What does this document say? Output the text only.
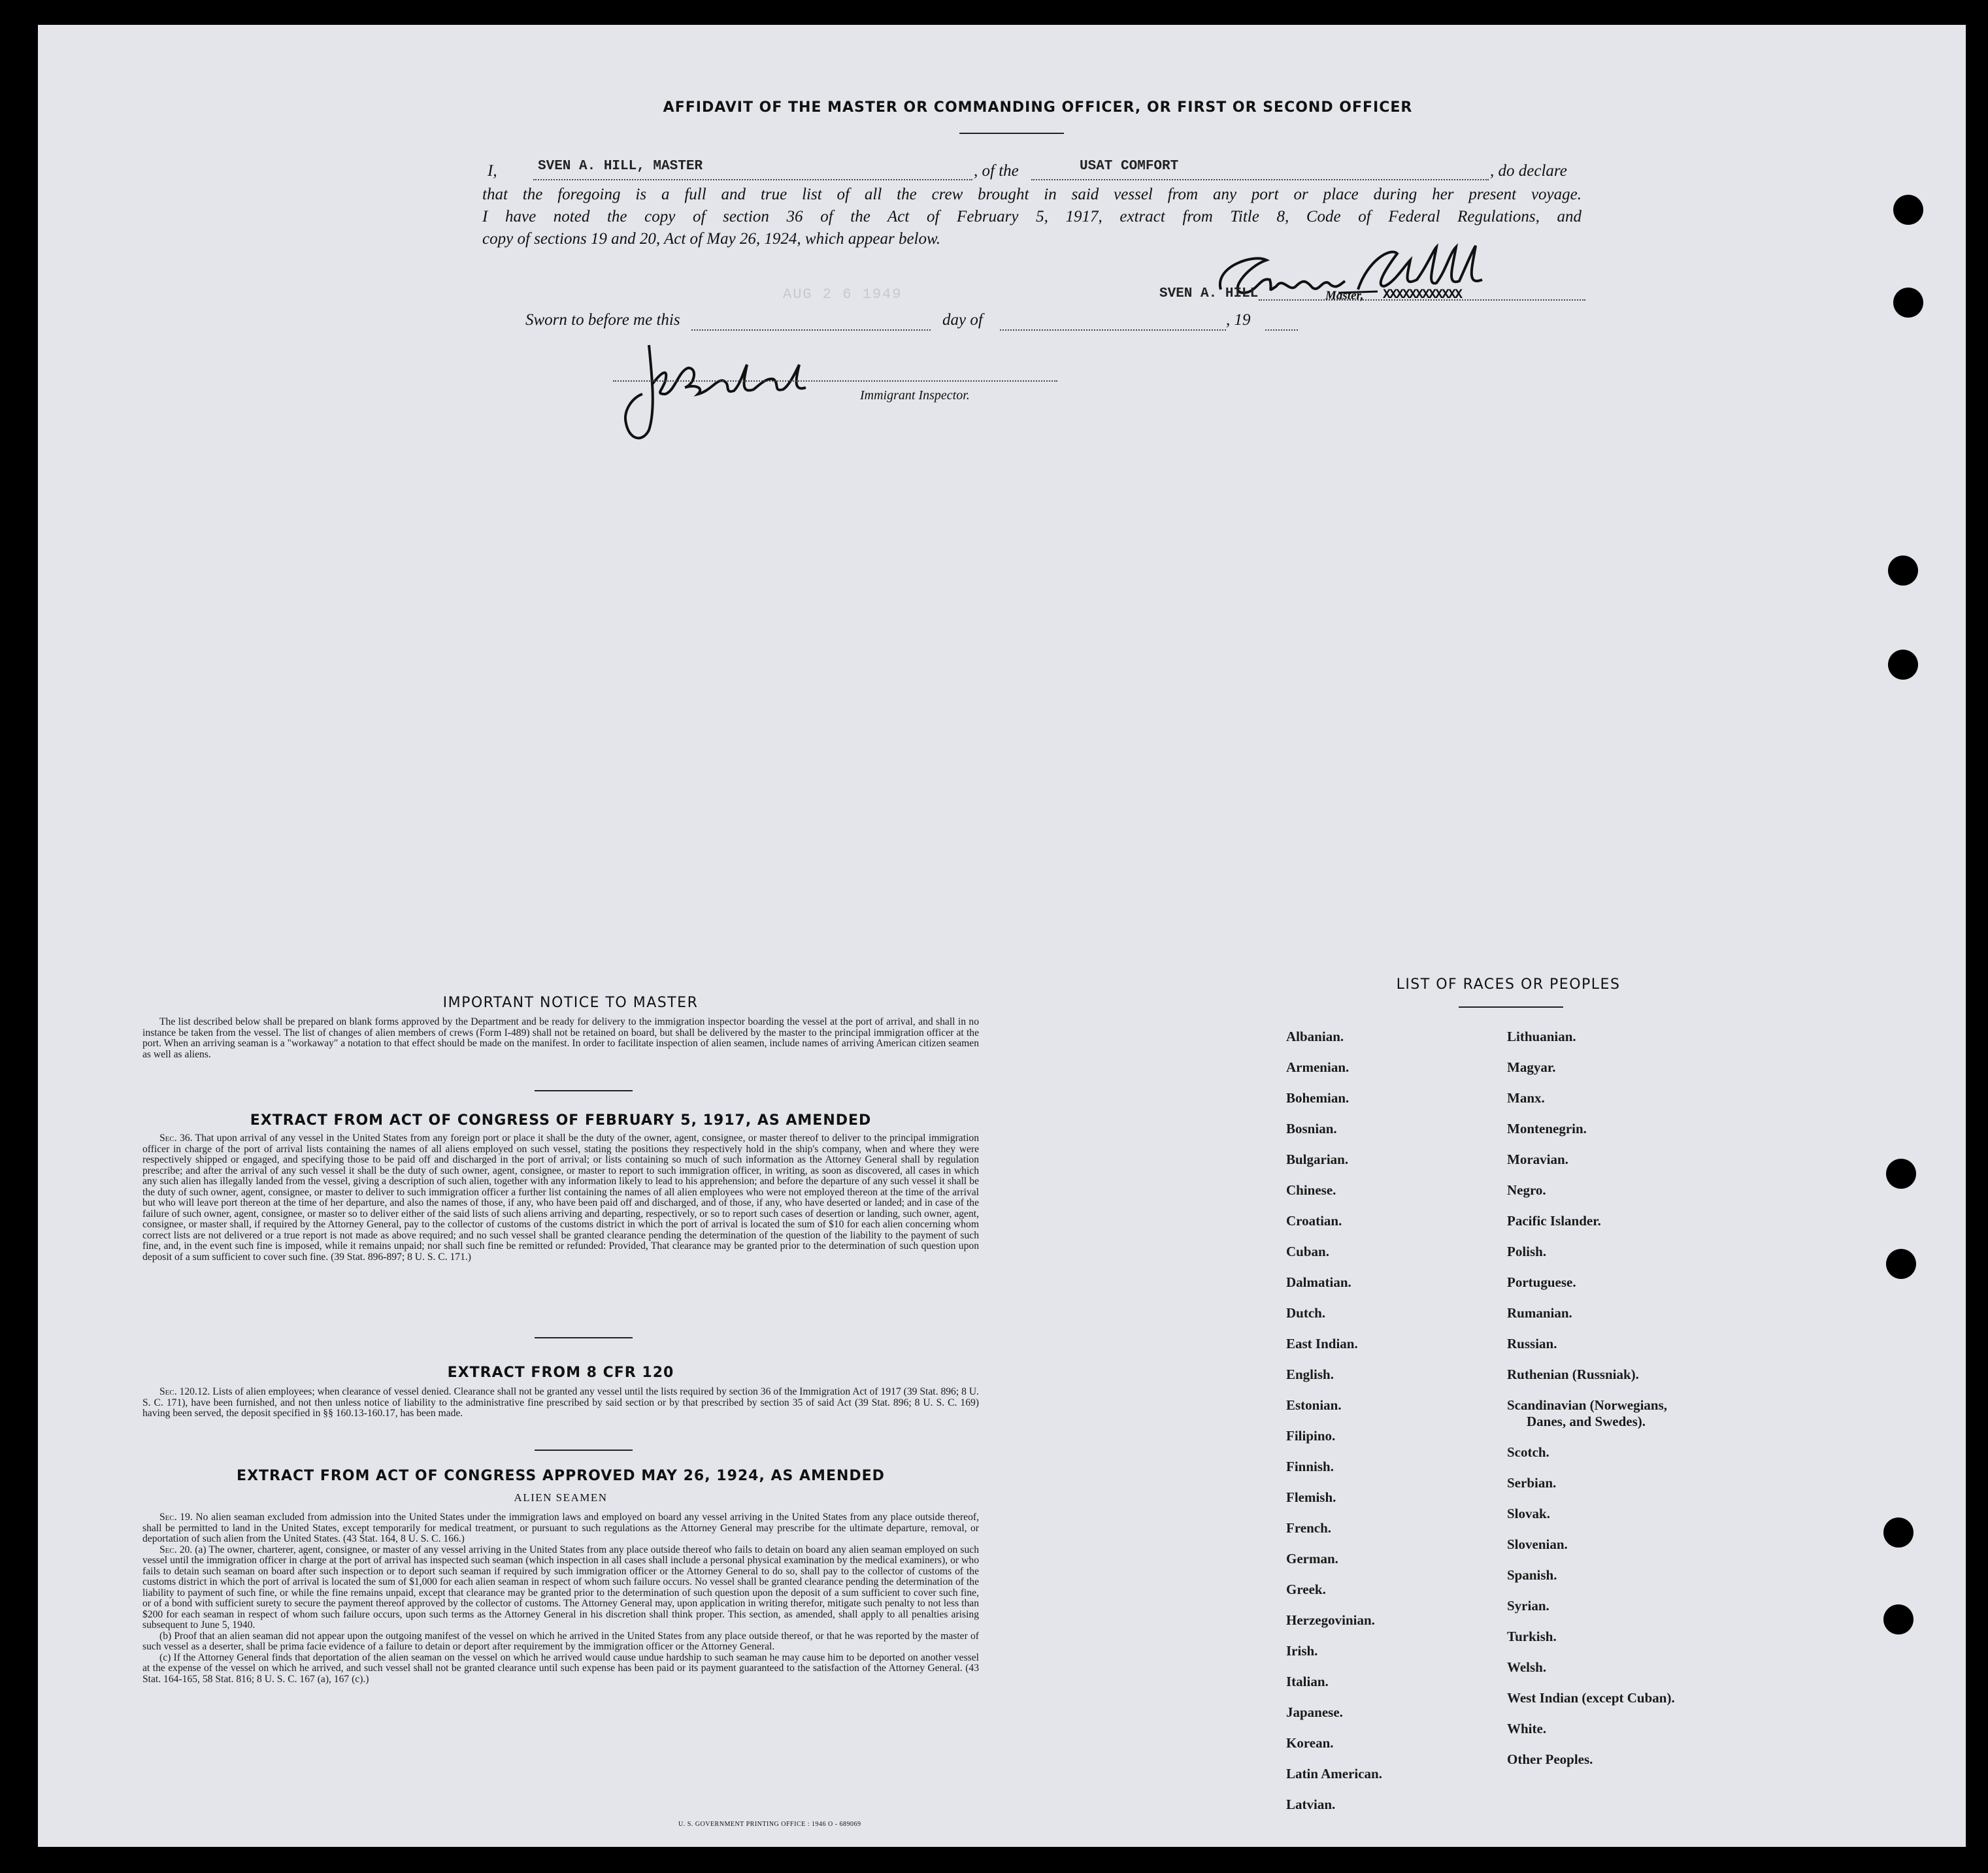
AFFIDAVIT OF THE MASTER OR COMMANDING OFFICER, OR FIRST OR SECOND OFFICER
I,	SVEN A. HILL, MASTER	, of the	USAT COMFORT	, do declare
that the foregoing is a full and true list of all the crew brought in said vessel from any port or place during her present voyage.
I have noted the copy of section 36 of the Act of February 5, 1917, extract from Title 8, Code of Federal Regulations, and
copy of sections 19 and 20, Act of May 26, 1924, which appear below.
AUG 2 6 1949	SVEN A. HILL	Master, XXXXXXXXXXXX
Sworn to before me this	day of	, 19
Immigrant Inspector.
IMPORTANT NOTICE TO MASTER

The list described below shall be prepared on blank forms approved by the Department and be ready for delivery to the immigration inspector boarding the vessel at the port of arrival, and shall in no instance be taken from the vessel. The list of changes of alien members of crews (Form I-489) shall not be retained on board, but shall be delivered by the master to the principal immigration officer at the port. When an arriving seaman is a "workaway" a notation to that effect should be made on the manifest. In order to facilitate inspection of alien seamen, include names of arriving American citizen seamen as well as aliens.

EXTRACT FROM ACT OF CONGRESS OF FEBRUARY 5, 1917, AS AMENDED

Sec. 36. That upon arrival of any vessel in the United States from any foreign port or place it shall be the duty of the owner, agent, consignee, or master thereof to deliver to the principal immigration officer in charge of the port of arrival lists containing the names of all aliens employed on such vessel, stating the positions they respectively hold in the ship's company, when and where they were respectively shipped or engaged, and specifying those to be paid off and discharged in the port of arrival; or lists containing so much of such information as the Attorney General shall by regulation prescribe; and after the arrival of any such vessel it shall be the duty of such owner, agent, consignee, or master to report to such immigration officer, in writing, as soon as discovered, all cases in which any such alien has illegally landed from the vessel, giving a description of such alien, together with any information likely to lead to his apprehension; and before the departure of any such vessel it shall be the duty of such owner, agent, consignee, or master to deliver to such immigration officer a further list containing the names of all alien employees who were not employed thereon at the time of the arrival but who will leave port thereon at the time of her departure, and also the names of those, if any, who have been paid off and discharged, and of those, if any, who have deserted or landed; and in case of the failure of such owner, agent, consignee, or master so to deliver either of the said lists of such aliens arriving and departing, respectively, or so to report such cases of desertion or landing, such owner, agent, consignee, or master shall, if required by the Attorney General, pay to the collector of customs of the customs district in which the port of arrival is located the sum of $10 for each alien concerning whom correct lists are not delivered or a true report is not made as above required; and no such vessel shall be granted clearance pending the determination of the question of the liability to the payment of such fine, and, in the event such fine is imposed, while it remains unpaid; nor shall such fine be remitted or refunded: Provided, That clearance may be granted prior to the determination of such question upon deposit of a sum sufficient to cover such fine. (39 Stat. 896-897; 8 U. S. C. 171.)

EXTRACT FROM 8 CFR 120

Sec. 120.12. Lists of alien employees; when clearance of vessel denied. Clearance shall not be granted any vessel until the lists required by section 36 of the Immigration Act of 1917 (39 Stat. 896; 8 U. S. C. 171), have been furnished, and not then unless notice of liability to the administrative fine prescribed by said section or by that prescribed by section 35 of said Act (39 Stat. 896; 8 U. S. C. 169) having been served, the deposit specified in §§ 160.13-160.17, has been made.

EXTRACT FROM ACT OF CONGRESS APPROVED MAY 26, 1924, AS AMENDED
ALIEN SEAMEN

Sec. 19. No alien seaman excluded from admission into the United States under the immigration laws and employed on board any vessel arriving in the United States from any place outside thereof, shall be permitted to land in the United States, except temporarily for medical treatment, or pursuant to such regulations as the Attorney General may prescribe for the ultimate departure, removal, or deportation of such alien from the United States. (43 Stat. 164, 8 U. S. C. 166.)

Sec. 20. (a) The owner, charterer, agent, consignee, or master of any vessel arriving in the United States from any place outside thereof who fails to detain on board any alien seaman employed on such vessel until the immigration officer in charge at the port of arrival has inspected such seaman (which inspection in all cases shall include a personal physical examination by the medical examiners), or who fails to detain such seaman on board after such inspection or to deport such seaman if required by such immigration officer or the Attorney General to do so, shall pay to the collector of customs of the customs district in which the port of arrival is located the sum of $1,000 for each alien seaman in respect of whom such failure occurs. No vessel shall be granted clearance pending the determination of the liability to payment of such fine, or while the fine remains unpaid, except that clearance may be granted prior to the determination of such question upon the deposit of a sum sufficient to cover such fine, or of a bond with sufficient surety to secure the payment thereof approved by the collector of customs. The Attorney General may, upon application in writing therefor, mitigate such penalty to not less than $200 for each seaman in respect of whom such failure occurs, upon such terms as the Attorney General in his discretion shall think proper. This section, as amended, shall apply to all penalties arising subsequent to June 5, 1940.

(b) Proof that an alien seaman did not appear upon the outgoing manifest of the vessel on which he arrived in the United States from any place outside thereof, or that he was reported by the master of such vessel as a deserter, shall be prima facie evidence of a failure to detain or deport after requirement by the immigration officer or the Attorney General.

(c) If the Attorney General finds that deportation of the alien seaman on the vessel on which he arrived would cause undue hardship to such seaman he may cause him to be deported on another vessel at the expense of the vessel on which he arrived, and such vessel shall not be granted clearance until such expense has been paid or its payment guaranteed to the satisfaction of the Attorney General. (43 Stat. 164-165, 58 Stat. 816; 8 U. S. C. 167 (a), 167 (c).)

U. S. GOVERNMENT PRINTING OFFICE : 1946 O - 689069
LIST OF RACES OR PEOPLES
Albanian.
Armenian.
Bohemian.
Bosnian.
Bulgarian.
Chinese.
Croatian.
Cuban.
Dalmatian.
Dutch.
East Indian.
English.
Estonian.
Filipino.
Finnish.
Flemish.
French.
German.
Greek.
Herzegovinian.
Irish.
Italian.
Japanese.
Korean.
Latin American.
Latvian.
Lithuanian.
Magyar.
Manx.
Montenegrin.
Moravian.
Negro.
Pacific Islander.
Polish.
Portuguese.
Rumanian.
Russian.
Ruthenian (Russniak).
Scandinavian (Norwegians,
Danes, and Swedes).
Scotch.
Serbian.
Slovak.
Slovenian.
Spanish.
Syrian.
Turkish.
Welsh.
West Indian (except Cuban).
White.
Other Peoples.
